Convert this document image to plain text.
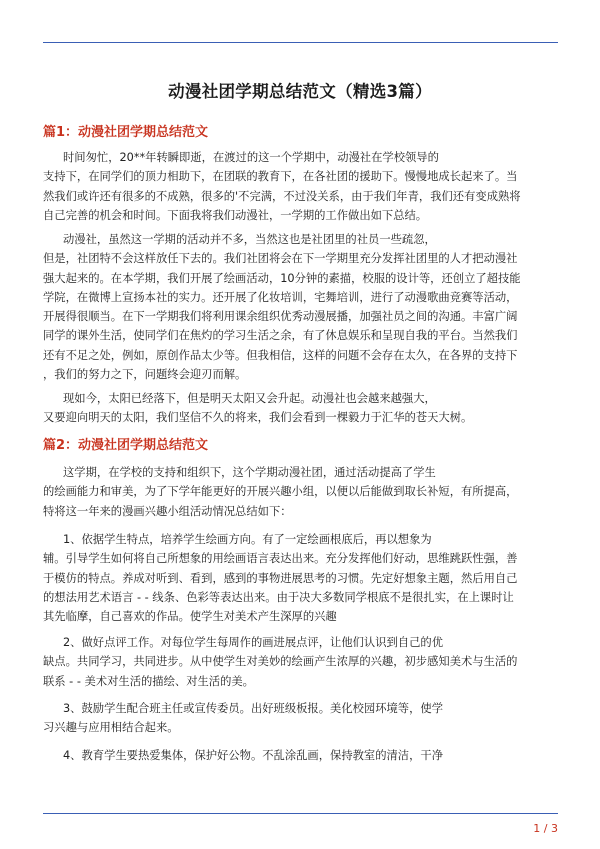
动漫社团学期总结范文（精选3篇）
篇1：动漫社团学期总结范文
时间匆忙，20**年转瞬即逝，在渡过的这一个学期中，动漫社在学校领导的
支持下，在同学们的顶力相助下，在团联的教育下，在各社团的援助下。慢慢地成长起来了。当
然我们或许还有很多的不成熟，很多的'不完满，不过没关系，由于我们年青，我们还有变成熟将
自己完善的机会和时间。下面我将我们动漫社，一学期的工作做出如下总结。
动漫社，虽然这一学期的活动并不多，当然这也是社团里的社员一些疏忽，
但是，社团特不会这样放任下去的。我们社团将会在下一学期里充分发挥社团里的人才把动漫社
强大起来的。在本学期，我们开展了绘画活动，10分钟的素描，校服的设计等，还创立了超技能
学院，在微博上宣扬本社的实力。还开展了化妆培训，宅舞培训，进行了动漫歌曲竞赛等活动，
开展得很顺当。在下一学期我们将利用课余组织优秀动漫展播，加强社员之间的沟通。丰富广阔
同学的课外生活，使同学们在焦灼的学习生活之余，有了休息娱乐和呈现自我的平台。当然我们
还有不足之处，例如，原创作品太少等。但我相信，这样的问题不会存在太久，在各界的支持下
，我们的努力之下，问题终会迎刃而解。
现如今，太阳已经落下，但是明天太阳又会升起。动漫社也会越来越强大，
又要迎向明天的太阳，我们坚信不久的将来，我们会看到一棵毅力于汇华的苍天大树。
篇2：动漫社团学期总结范文
这学期，在学校的支持和组织下，这个学期动漫社团，通过活动提高了学生
的绘画能力和审美，为了下学年能更好的开展兴趣小组，以便以后能做到取长补短，有所提高，
特将这一年来的漫画兴趣小组活动情况总结如下：
1、依据学生特点，培养学生绘画方向。有了一定绘画根底后，再以想象为
辅。引导学生如何将自己所想象的用绘画语言表达出来。充分发挥他们好动，思维跳跃性强，善
于模仿的特点。养成对听到、看到，感到的事物进展思考的习惯。先定好想象主题，然后用自己
的想法用艺术语言 - - 线条、色彩等表达出来。由于决大多数同学根底不是很扎实，在上课时让
其先临摩，自己喜欢的作品。使学生对美术产生深厚的兴趣
2、做好点评工作。对每位学生每周作的画进展点评，让他们认识到自己的优
缺点。共同学习，共同进步。从中使学生对美妙的绘画产生浓厚的兴趣，初步感知美术与生活的
联系 - - 美术对生活的描绘、对生活的美。
3、鼓励学生配合班主任或宣传委员。出好班级板报。美化校园环境等，使学
习兴趣与应用相结合起来。
4、教育学生要热爱集体，保护好公物。不乱涂乱画，保持教室的清洁，干净
1 / 3
